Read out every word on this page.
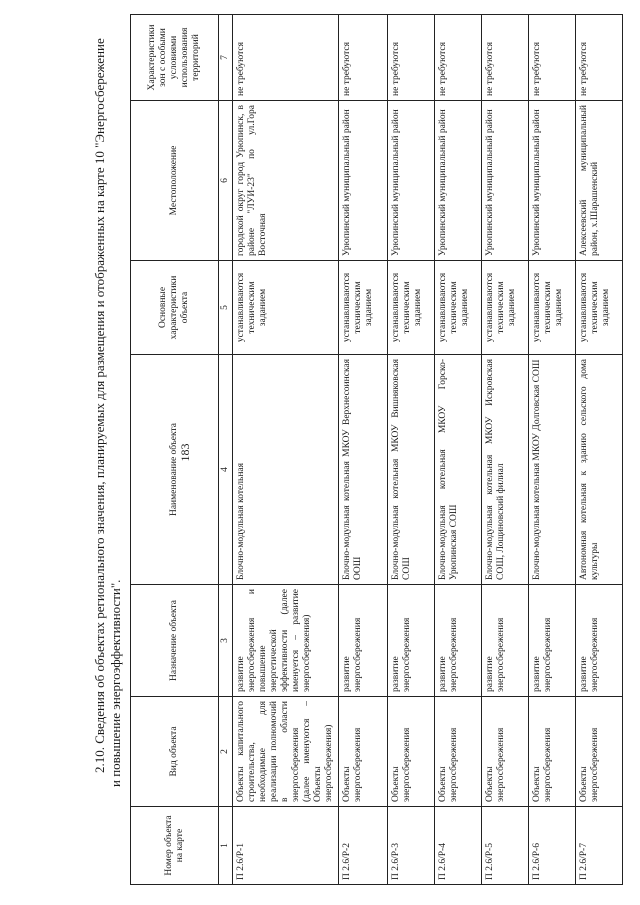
183
2.10. Сведения об объектах регионального значения, планируемых для размещения и отображенных на карте 10 "Энергосбережение и повышение энергоэффективности".
Номер объекта на карте	Вид объекта	Назначение объекта	Наименование объекта	Основные характеристики объекта	Местоположение	Характеристики зон с особыми условиями использования территорий
1	2	3	4	5	6	7
П 2.6/Р-1	Объекты капитального строительства, необходимые для реализации полномочий в области энергосбережения (далее именуются – Объекты энергосбережения)	развитие энергосбережения и повышение энергетической эффективности (далее именуется – развитие энергосбережения)	Блочно-модульная котельная	устанавливаются техническим заданием	городской округ город Урюпинск, в районе "ЛУИ-23" по ул.Гора Восточная	не требуются
П 2.6/Р-2	Объекты энергосбережения	развитие энергосбережения	Блочно-модульная котельная МКОУ Верхнесоинская ООШ	устанавливаются техническим заданием	Урюпинский муниципальный район	не требуются
П 2.6/Р-3	Объекты энергосбережения	развитие энергосбережения	Блочно-модульная котельная МКОУ Вишняковская СОШ	устанавливаются техническим заданием	Урюпинский муниципальный район	не требуются
П 2.6/Р-4	Объекты энергосбережения	развитие энергосбережения	Блочно-модульная котельная МКОУ Горско-Урюпинская СОШ	устанавливаются техническим заданием	Урюпинский муниципальный район	не требуются
П 2.6/Р-5	Объекты энергосбережения	развитие энергосбережения	Блочно-модульная котельная МКОУ Искровская СОШ, Лощиновский филиал	устанавливаются техническим заданием	Урюпинский муниципальный район	не требуются
П 2.6/Р-6	Объекты энергосбережения	развитие энергосбережения	Блочно-модульная котельная МКОУ Долговская СОШ	устанавливаются техническим заданием	Урюпинский муниципальный район	не требуются
П 2.6/Р-7	Объекты энергосбережения	развитие энергосбережения	Автономная котельная к зданию сельского дома культуры	устанавливаются техническим заданием	Алексеевский муниципальный район, х.Шарашенский	не требуются
